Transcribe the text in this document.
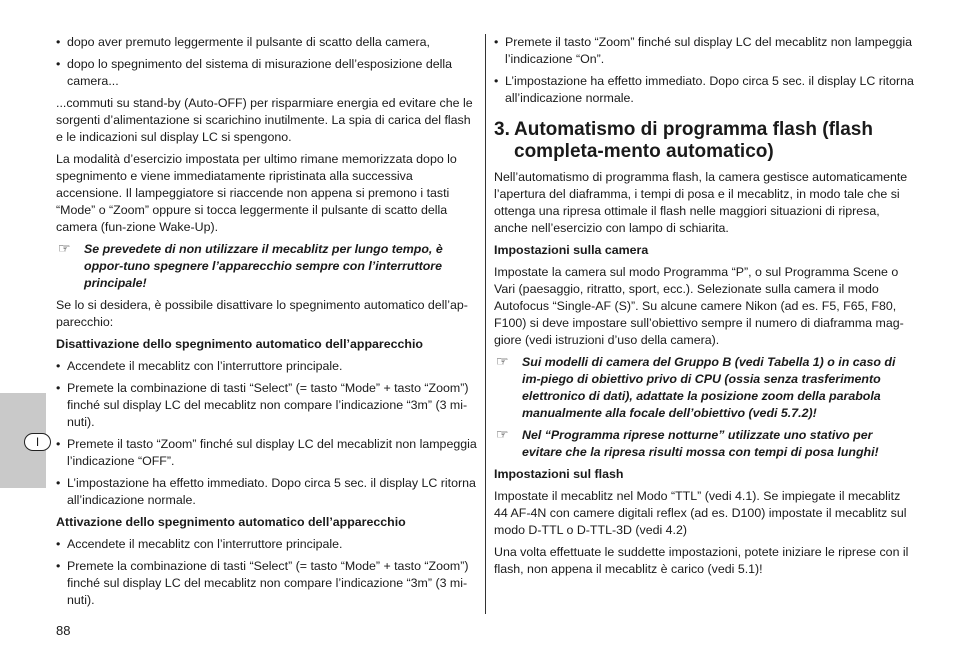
• dopo aver premuto leggermente il pulsante di scatto della camera,
• dopo lo spegnimento del sistema di misurazione dell’esposizione della camera...

...commuti su stand-by (Auto-OFF) per risparmiare energia ed evitare che le sorgenti d’alimentazione si scarichino inutilmente. La spia di carica del flash e le indicazioni sul display LC si spengono.

La modalità d’esercizio impostata per ultimo rimane memorizzata dopo lo spegnimento e viene immediatamente ripristinata alla successiva accensione. Il lampeggiatore si riaccende non appena si premono i tasti “Mode” o “Zoom” oppure si tocca leggermente il pulsante di scatto della camera (fun-zione Wake-Up).

☞ Se prevedete di non utilizzare il mecablitz per lungo tempo, è oppor-tuno spegnere l’apparecchio sempre con l’interruttore principale!

Se lo si desidera, è possibile disattivare lo spegnimento automatico dell’ap-parecchio:

Disattivazione dello spegnimento automatico dell’apparecchio
• Accendete il mecablitz con l’interruttore principale.
• Premete la combinazione di tasti “Select” (= tasto “Mode” + tasto “Zoom”) finché sul display LC del mecablitz non compare l’indicazione “3m” (3 mi-nuti).
• Premete il tasto “Zoom” finché sul display LC del mecablizit non lampeggia l’indicazione “OFF”.
• L’impostazione ha effetto immediato. Dopo circa 5 sec. il display LC ritorna all’indicazione normale.
Attivazione dello spegnimento automatico dell’apparecchio
• Accendete il mecablitz con l’interruttore principale.
• Premete la combinazione di tasti “Select” (= tasto “Mode” + tasto “Zoom”) finché sul display LC del mecablitz non compare l’indicazione “3m” (3 mi-nuti).
• Premete il tasto “Zoom” finché sul display LC del mecablitz non lampeggia l’indicazione “On”.
• L’impostazione ha effetto immediato. Dopo circa 5 sec. il display LC ritorna all’indicazione normale.
3. Automatismo di programma flash (flash completa-mento automatico)

Nell’automatismo di programma flash, la camera gestisce automaticamente l’apertura del diaframma, i tempi di posa e il mecablitz, in modo tale che si ottenga una ripresa ottimale il flash nelle maggiori situazioni di ripresa, anche nell’esercizio con lampo di schiarita.

Impostazioni sulla camera

Impostate la camera sul modo Programma “P”, o sul Programma Scene o Vari (paesaggio, ritratto, sport, ecc.). Selezionate sulla camera il modo Autofocus “Single-AF (S)”. Su alcune camere Nikon (ad es. F5, F65, F80, F100) si deve impostare sull’obiettivo sempre il numero di diaframma mag-giore (vedi istruzioni d’uso della camera).

☞ Sui modelli di camera del Gruppo B (vedi Tabella 1) o in caso di im-piego di obiettivo privo di CPU (ossia senza trasferimento elettronico di dati), adattate la posizione zoom della parabola manualmente alla focale dell’obiettivo (vedi 5.7.2)!
☞ Nel “Programma riprese notturne” utilizzate uno stativo per evitare che la ripresa risulti mossa con tempi di posa lunghi!
Impostazioni sul flash

Impostate il mecablitz nel Modo “TTL” (vedi 4.1). Se impiegate il mecablitz 44 AF-4N con camere digitali reflex (ad es. D100) impostate il mecablitz sul modo D-TTL o D-TTL-3D (vedi 4.2)

Una volta effettuate le suddette impostazioni, potete iniziare le riprese con il flash, non appena il mecablitz è carico (vedi 5.1)!

I
88
